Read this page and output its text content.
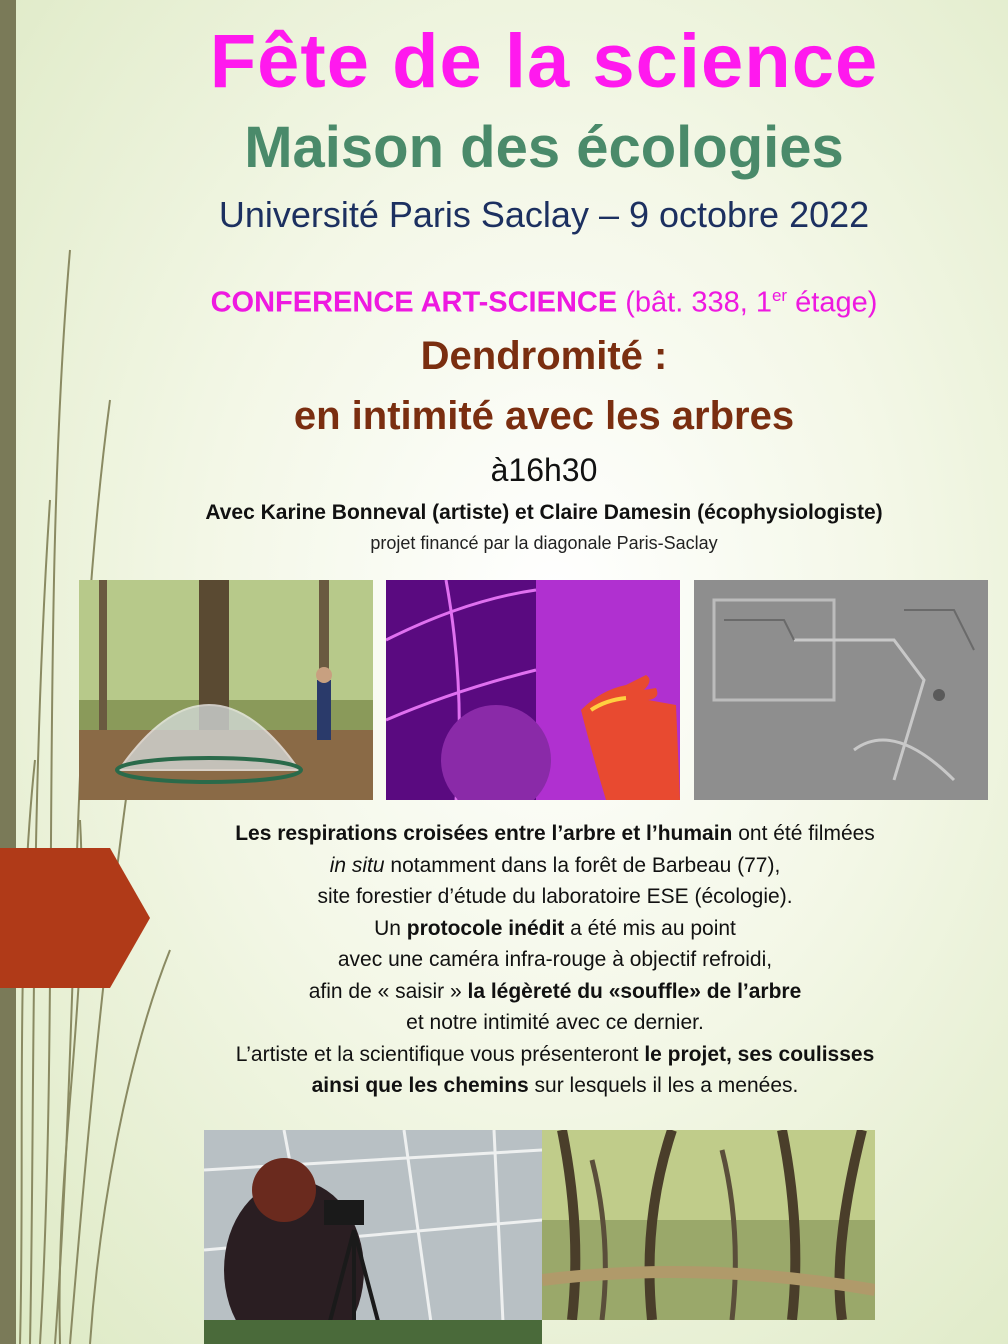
Fête de la science
Maison des écologies
Université Paris Saclay – 9 octobre 2022
CONFERENCE ART-SCIENCE (bât. 338, 1er étage)
Dendromité :
en intimité avec les arbres
à16h30
Avec Karine Bonneval (artiste) et Claire Damesin (écophysiologiste)
projet financé par la diagonale Paris-Saclay
Les respirations croisées entre l’arbre et l’humain ont été filmées
in situ notamment dans la forêt de Barbeau (77),
site forestier d’étude du laboratoire ESE (écologie).
Un protocole inédit a été mis au point
avec une caméra infra-rouge à objectif refroidi,
afin de « saisir » la légèreté du «souffle» de l’arbre
et notre intimité avec ce dernier.
L’artiste et la scientifique vous présenteront le projet, ses coulisses
ainsi que les chemins sur lesquels il les a menées.
